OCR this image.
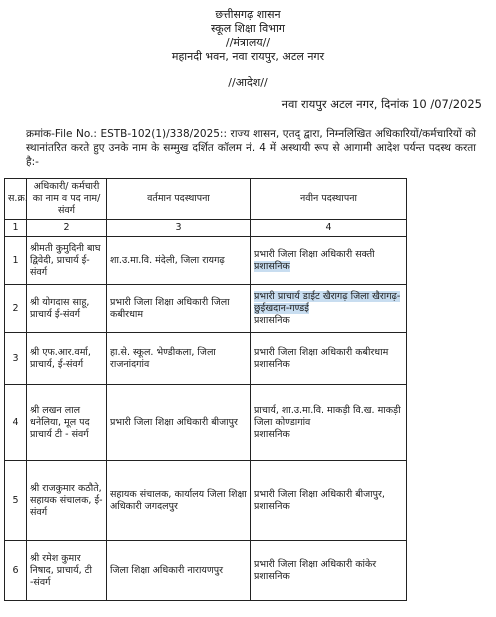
छत्तीसगढ़ शासन
स्कूल शिक्षा विभाग
//मंत्रालय//
महानदी भवन, नवा रायपुर, अटल नगर
//आदेश//
नवा रायपुर अटल नगर, दिनांक 10 /07/2025
क्रमांक-File No.: ESTB-102(1)/338/2025:: राज्य शासन, एतद् द्वारा, निम्नलिखित अधिकारियों/कर्मचारियों को स्थानांतरित करते हुए उनके नाम के सम्मुख दर्शित कॉलम नं. 4 में अस्थायी रूप से आगामी आदेश पर्यन्त पदस्थ करता है:-
स.क्र.	अधिकारी/ कर्मचारी का नाम व पद नाम/संवर्ग	वर्तमान पदस्थापना	नवीन पदस्थापना
1	2	3	4
1	श्रीमती कुमुदिनी बाघ द्विवेदी, प्राचार्य ई-संवर्ग	शा.उ.मा.वि. मंदेली, जिला रायगढ़	प्रभारी जिला शिक्षा अधिकारी सक्ती
प्रशासनिक

2	श्री योगदास साहू, प्राचार्य ई-संवर्ग	प्रभारी जिला शिक्षा अधिकारी जिला कबीरधाम	प्रभारी प्राचार्य डाईट खैरागढ़ जिला खैरागढ़-छुईखदान-गण्डई
प्रशासनिक

3	श्री एफ.आर.वर्मा, प्राचार्य, ई-संवर्ग	हा.से. स्कूल. भेण्डीकला, जिला राजनांदगांव	प्रभारी जिला शिक्षा अधिकारी कबीरधाम
प्रशासनिक

4	श्री लखन लाल धनेलिया, मूल पद प्राचार्य टी - संवर्ग	प्रभारी जिला शिक्षा अधिकारी बीजापुर	प्राचार्य, शा.उ.मा.वि. माकड़ी वि.ख. माकड़ी जिला कोण्डागांव
प्रशासनिक

5	श्री राजकुमार कठौते, सहायक संचालक, ई-संवर्ग	सहायक संचालक, कार्यालय जिला शिक्षा अधिकारी जगदलपुर	प्रभारी जिला शिक्षा अधिकारी बीजापुर,
प्रशासनिक

6	श्री रमेश कुमार निषाद, प्राचार्य, टी -संवर्ग	जिला शिक्षा अधिकारी नारायणपुर	प्रभारी जिला शिक्षा अधिकारी कांकेर
प्रशासनिक
